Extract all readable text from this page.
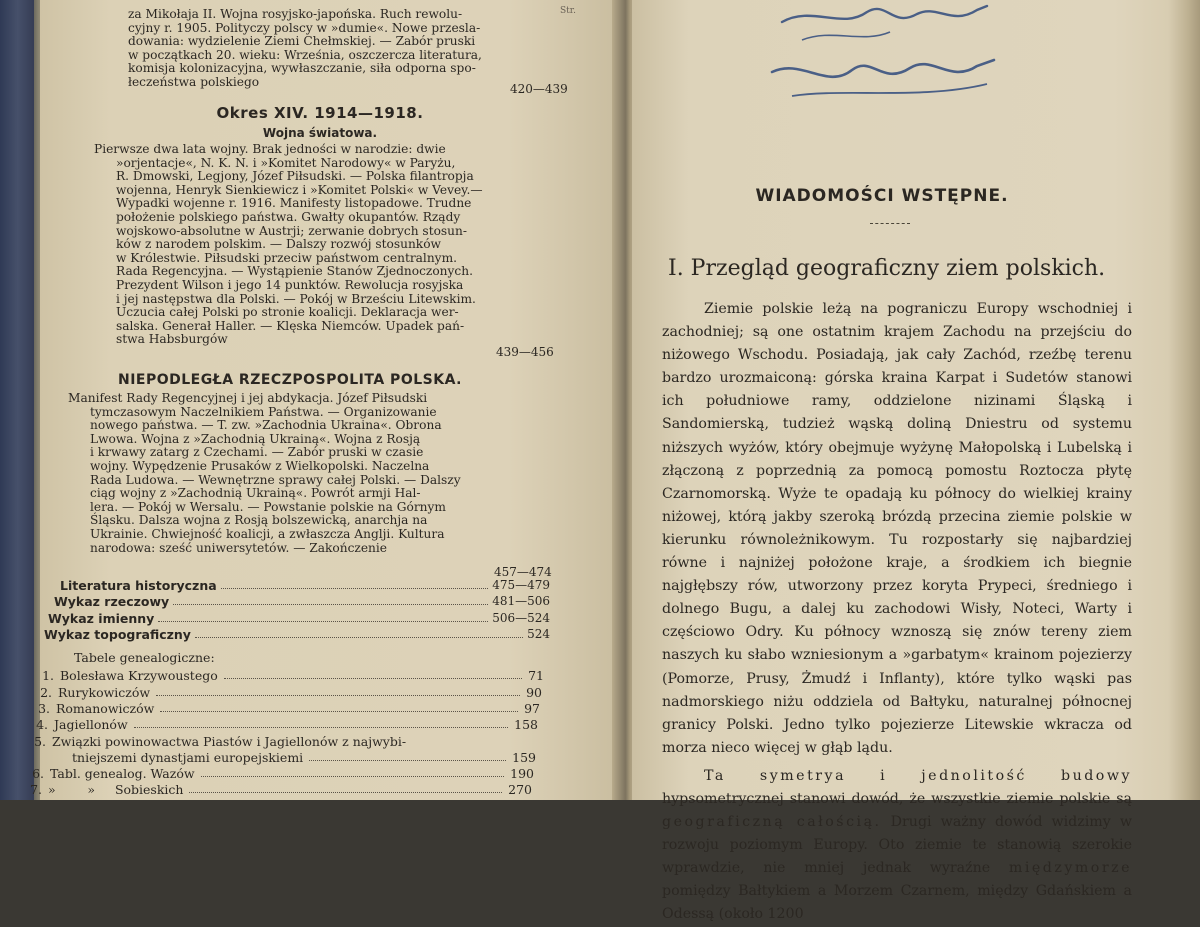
Str.
za Mikołaja II. Wojna rosyjsko-japońska. Ruch rewolu-
cyjny r. 1905. Polityczy polscy w »dumie«. Nowe przesla-
dowania: wydzielenie Ziemi Chełmskiej. — Zabór pruski
w początkach 20. wieku: Września, oszczercza literatura,
komisja kolonizacyjna, wywłaszczanie, siła odporna spo-
łeczeństwa polskiego
420—439
Okres XIV. 1914—1918.
Wojna światowa.
Pierwsze dwa lata wojny. Brak jedności w narodzie: dwie
»orjentacje«, N. K. N. i »Komitet Narodowy« w Paryżu,
R. Dmowski, Legjony, Józef Piłsudski. — Polska filantropja
wojenna, Henryk Sienkiewicz i »Komitet Polski« w Vevey.—
Wypadki wojenne r. 1916. Manifesty listopadowe. Trudne
położenie polskiego państwa. Gwałty okupantów. Rządy
wojskowo-absolutne w Austrji; zerwanie dobrych stosun-
ków z narodem polskim. — Dalszy rozwój stosunków
w Królestwie. Piłsudski przeciw państwom centralnym.
Rada Regencyjna. — Wystąpienie Stanów Zjednoczonych.
Prezydent Wilson i jego 14 punktów. Rewolucja rosyjska
i jej następstwa dla Polski. — Pokój w Brześciu Litewskim.
Uczucia całej Polski po stronie koalicji. Deklaracja wer-
salska. Generał Haller. — Klęska Niemców. Upadek pań-
stwa Habsburgów
439—456
NIEPODLEGŁA RZECZPOSPOLITA POLSKA.
Manifest Rady Regencyjnej i jej abdykacja. Józef Piłsudski
tymczasowym Naczelnikiem Państwa. — Organizowanie
nowego państwa. — T. zw. »Zachodnia Ukraina«. Obrona
Lwowa. Wojna z »Zachodnią Ukrainą«. Wojna z Rosją
i krwawy zatarg z Czechami. — Zabór pruski w czasie
wojny. Wypędzenie Prusaków z Wielkopolski. Naczelna
Rada Ludowa. — Wewnętrzne sprawy całej Polski. — Dalszy
ciąg wojny z »Zachodnią Ukrainą«. Powrót armji Hal-
lera. — Pokój w Wersalu. — Powstanie polskie na Górnym
Śląsku. Dalsza wojna z Rosją bolszewicką, anarchja na
Ukrainie. Chwiejność koalicji, a zwłaszcza Anglji. Kultura
narodowa: sześć uniwersytetów. — Zakończenie
457—474
Literatura historyczna	475—479
Wykaz rzeczowy	481—506
Wykaz imienny	506—524
Wykaz topograficzny	524
Tabele genealogiczne:
1. Bolesława Krzywoustego	71
2. Rurykowiczów	90
3. Romanowiczów	97
4. Jagiellonów	158
5. Związki powinowactwa Piastów i Jagiellonów z najwybi-
tniejszemi dynastjami europejskiemi	159
6. Tabl. genealog. Wazów	190
7. »        »     Sobieskich	270
WIADOMOŚCI WSTĘPNE.
I. Przegląd geograficzny ziem polskich.

Ziemie polskie leżą na pograniczu Europy wschodniej i zachodniej; są one ostatnim krajem Zachodu na przejściu do niżowego Wschodu. Posiadają, jak cały Zachód, rzeźbę terenu bardzo urozmaiconą: górska kraina Karpat i Sudetów stanowi ich południowe ramy, oddzielone nizinami Śląską i Sandomierską, tudzież wąską doliną Dniestru od systemu niższych wyżów, który obejmuje wyżynę Małopolską i Lubelską i złączoną z poprzednią za pomocą pomostu Roztocza płytę Czarnomorską. Wyże te opadają ku północy do wielkiej krainy niżowej, którą jakby szeroką brózdą przecina ziemie polskie w kierunku równoleżnikowym. Tu rozpostarły się najbardziej równe i najniżej położone kraje, a środkiem ich biegnie najgłębszy rów, utworzony przez koryta Prypeci, średniego i dolnego Bugu, a dalej ku zachodowi Wisły, Noteci, Warty i częściowo Odry. Ku północy wznoszą się znów tereny ziem naszych ku słabo wzniesionym a »garbatym« krainom pojezierzy (Pomorze, Prusy, Żmudź i Inflanty), które tylko wąski pas nadmorskiego niżu oddziela od Bałtyku, naturalnej północnej granicy Polski. Jedno tylko pojezierze Litewskie wkracza od morza nieco więcej w głąb lądu.

Ta symetrya i jednolitość budowy hypsometrycznej stanowi dowód, że wszystkie ziemie polskie są geograficzną całością. Drugi ważny dowód widzimy w rozwoju poziomym Europy. Oto ziemie te stanowią szerokie wprawdzie, nie mniej jednak wyraźne międzymorze pomiędzy Bałtykiem a Morzem Czarnem, między Gdańskiem a Odessą (około 1200
